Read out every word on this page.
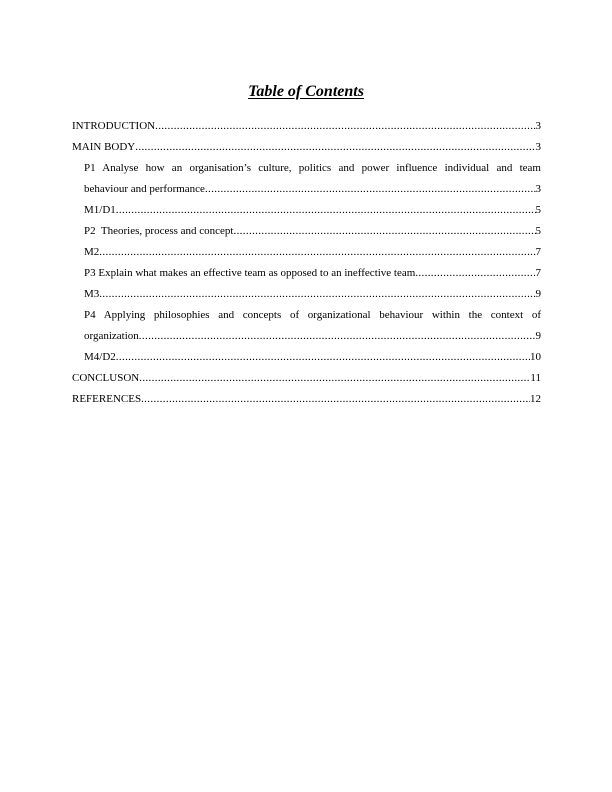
Table of Contents
INTRODUCTION .....	3
MAIN BODY .....	3
P1 Analyse how an organisation’s culture, politics and power influence individual and team
behaviour and performance .....	3
M1/D1 .....	5
P2  Theories, process and concept .....	5
M2 .....	7
P3 Explain what makes an effective team as opposed to an ineffective team .....	7
M3 .....	9
P4 Applying philosophies and concepts of organizational behaviour within the context of
organization .....	9
M4/D2 .....	10
CONCLUSON .....	11
REFERENCES .....	12
